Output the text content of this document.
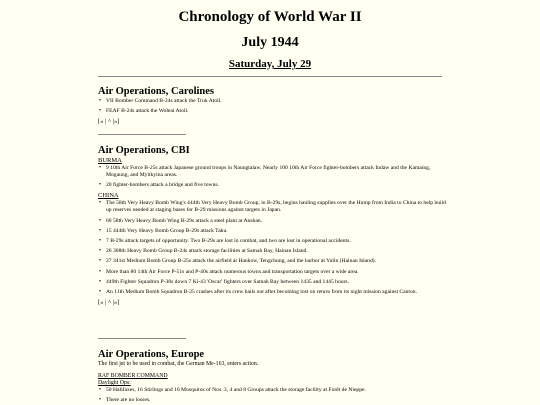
Chronology of World War II
July 1944
Saturday, July 29
Air Operations, Carolines
• VII Bomber Command B-24s attack the Truk Atoll.
• FEAF B-24s attack the Woleai Atoll.
[« | ^ |»]
Air Operations, CBI
BURMA
• 9 10th Air Force B-25s attack Japanese ground troops in Naungtalaw. Nearly 100 10th Air Force fighter-bombers attack Indaw and the Kamaing, Mogaung, and Myitkyina areas.
• 20 fighter-bombers attack a bridge and five towns.
CHINA
• The 58th Very Heavy Bomb Wing's 444th Very Heavy Bomb Group, in B-29s, begins hauling supplies over the Hump from India to China to help build up reserves needed at staging bases for B-29 missions against targets in Japan.
• 60 58th Very Heavy Bomb Wing B-29s attack a steel plant at Anshan.
• 15 444th Very Heavy Bomb Group B-29s attack Taku.
• 7 B-29s attack targets of opportunity. Two B-29s are lost in combat, and two are lost in operational accidents.
• 26 308th Heavy Bomb Group B-24s attack storage facilities at Samah Bay, Hainan Island.
• 27 341st Medium Bomb Group B-25s attack the airfield at Hankow, Tengchung, and the harbor at Yulin (Hainan Island).
• More than 80 14th Air Force P-51s and P-40s attack numerous towns and transportation targets over a wide area.
• 449th Fighter Squadron P-38s down 7 Ki-43 'Oscar' fighters over Samah Bay between 1435 and 1445 hours.
• An 11th Medium Bomb Squadron B-25 crashes after its crew bails out after becoming lost on return from its night mission against Canton.
[« | ^ |»]
Air Operations, Europe
The first jet to be used in combat, the German Me-163, enters action.
RAF BOMBER COMMAND
Daylight Ops:
• 50 Halifaxes, 16 Stirlings and 10 Mosquitos of Nos. 3, 4 and 8 Groups attack the storage facility at Forêt de Nieppe.
• There are no losses.
